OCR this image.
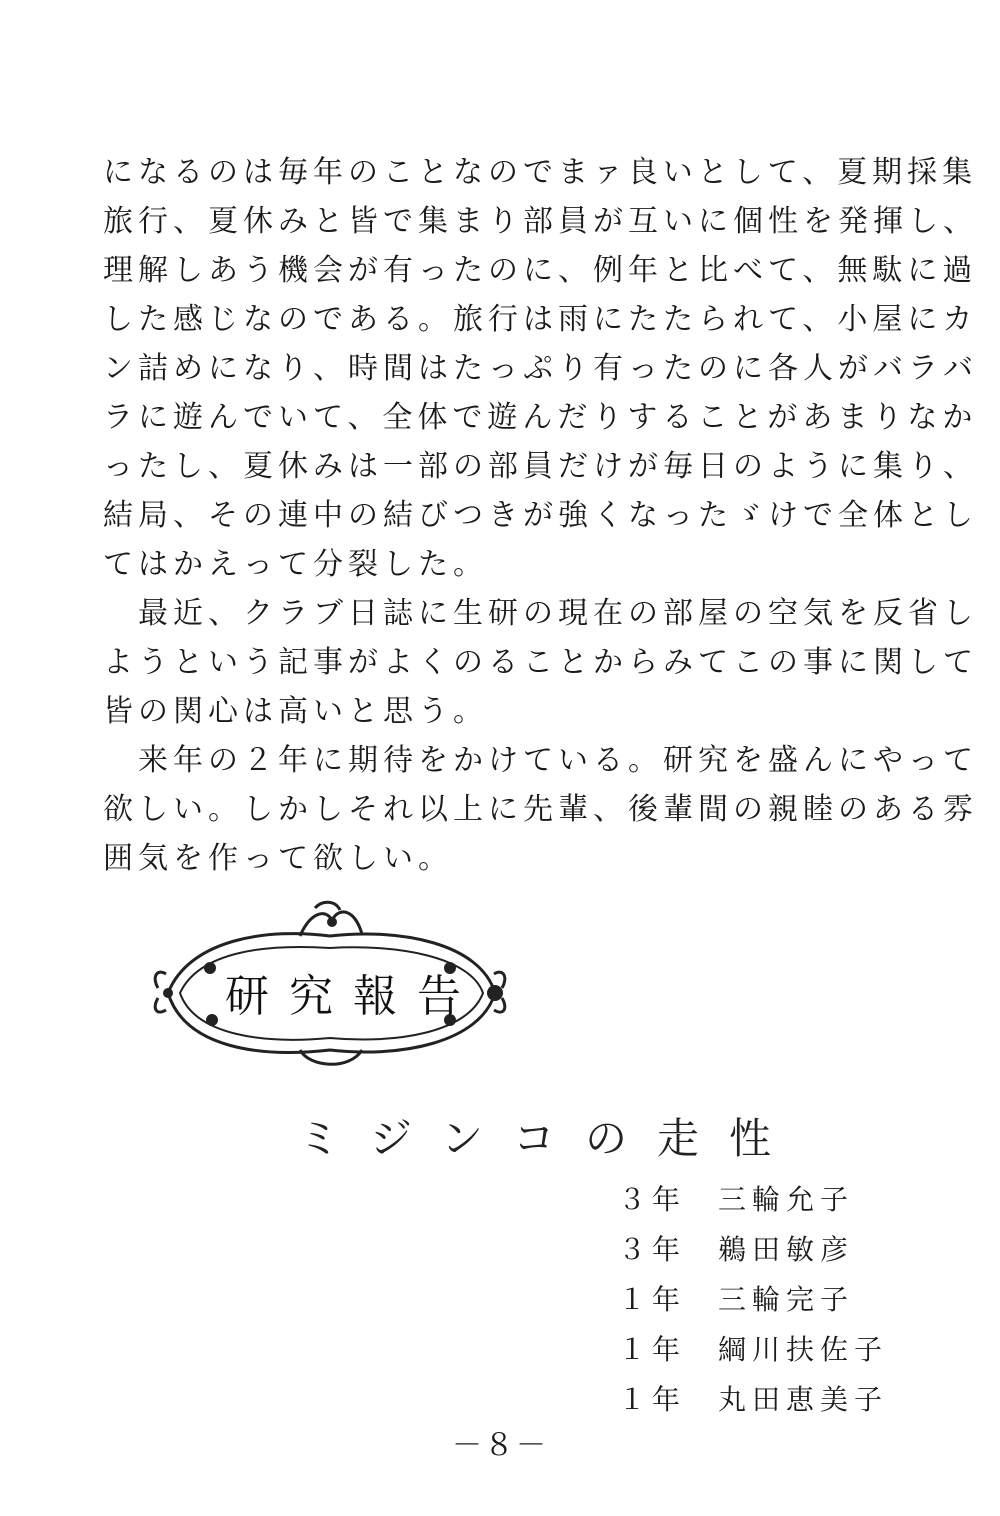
になるのは毎年のことなのでまァ良いとして、夏期採集
旅行、夏休みと皆で集まり部員が互いに個性を発揮し、
理解しあう機会が有ったのに、例年と比べて、無駄に過
した感じなのである。旅行は雨にたたられて、小屋にカ
ン詰めになり、時間はたっぷり有ったのに各人がバラバ
ラに遊んでいて、全体で遊んだりすることがあまりなか
ったし、夏休みは一部の部員だけが毎日のように集り、
結局、その連中の結びつきが強くなったゞけで全体とし
てはかえって分裂した。
　最近、クラブ日誌に生研の現在の部屋の空気を反省し
ようという記事がよくのることからみてこの事に関して
皆の関心は高いと思う。
　来年の２年に期待をかけている。研究を盛んにやって
欲しい。しかしそれ以上に先輩、後輩間の親睦のある雰
囲気を作って欲しい。
研究報告
ミジンコの走性
３年	三輪允子
３年	鵜田敏彦
１年	三輪完子
１年	綱川扶佐子
１年	丸田恵美子
－８－
